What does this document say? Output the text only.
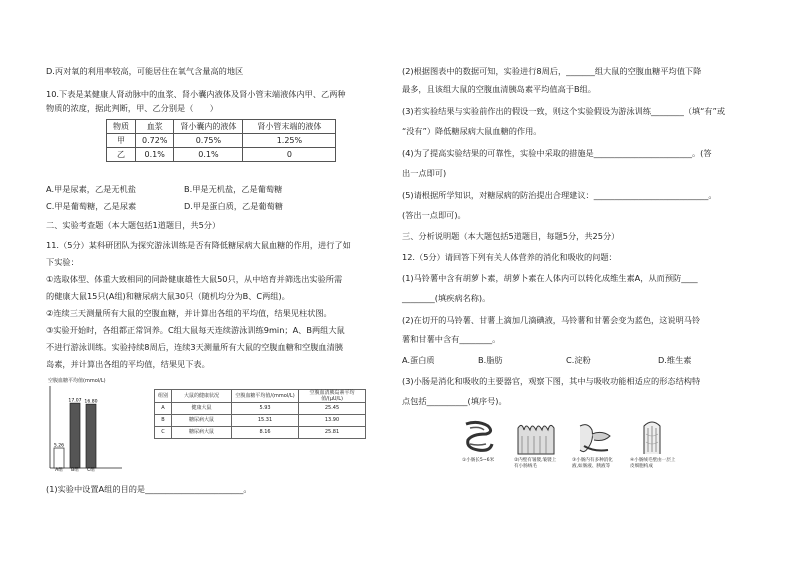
D.丙对氧的利用率较高，可能居住在氧气含量高的地区
10.下表是某健康人肾动脉中的血浆、肾小囊内液体及肾小管末端液体内甲、乙两种
物质的浓度，据此判断，甲、乙分别是（　　）
物质	血浆	肾小囊内的液体	肾小管末端的液体
甲	0.72%	0.75%	1.25%
乙	0.1%	0.1%	0
A.甲是尿素，乙是无机盐	B.甲是无机盐，乙是葡萄糖
C.甲是葡萄糖，乙是尿素	D.甲是蛋白质，乙是葡萄糖
二、实验考查题（本大题包括1道题目，共5分）
11.（5分）某科研团队为探究游泳训练是否有降低糖尿病大鼠血糖的作用，进行了如
下实验：
①选取体型、体重大致相同的同龄健康雄性大鼠50只，从中培育并筛选出实验所需
的健康大鼠15只(A组)和糖尿病大鼠30只（随机均分为B、C两组)。
②连续三天测量所有大鼠的空腹血糖，并计算出各组的平均值，结果见柱状图。
③实验开始时，各组都正常饲养。C组大鼠每天连续游泳训练9min；A、B两组大鼠
不进行游泳训练。实验持续8周后，连续3天测量所有大鼠的空腹血糖和空腹血清胰
岛素，并计算出各组的平均值，结果见下表。
空腹血糖平均值(mmol/L)
5.26
A组
17.07
B组
16.80
C组
组别	大鼠的健康状况	空腹血糖平均值/(mmol/L)	空腹血清胰岛素平均值/(μU/L)
A	健康大鼠	5.93	25.45
B	糖尿病大鼠	15.31	13.90
C	糖尿病大鼠	8.16	25.81
(1)实验中设置A组的目的是________________________。
(2)根据图表中的数据可知，实验进行8周后，_______组大鼠的空腹血糖平均值下降
最多，且该组大鼠的空腹血清胰岛素平均值高于B组。
(3)若实验结果与实验前作出的假设一致，则这个实验假设为游泳训练________（填“有”或
“没有”）降低糖尿病大鼠血糖的作用。
(4)为了提高实验结果的可靠性，实验中采取的措施是________________________。(答
出一点即可)
(5)请根据所学知识，对糖尿病的防治提出合理建议：____________________________。
(答出一点即可)。
三、分析说明题（本大题包括5道题目，每题5分，共25分）
12.（5分）请回答下列有关人体营养的消化和吸收的问题：
(1)马铃薯中含有胡萝卜素，胡萝卜素在人体内可以转化成维生素A，从而预防____
________(填疾病名称)。
(2)在切开的马铃薯、甘薯上滴加几滴碘液，马铃薯和甘薯会变为蓝色，这说明马铃
薯和甘薯中含有________。
A.蛋白质	B.脂肪	C.淀粉	D.维生素
(3)小肠是消化和吸收的主要器官，观察下图，其中与吸收功能相适应的形态结构特
点包括__________(填序号)。
①小肠长5~6米	②内壁有皱襞,皱襞上有小肠绒毛
③小肠内有多种消化液,如肠液、胰液等
④小肠绒毛壁由一层上皮细胞构成
